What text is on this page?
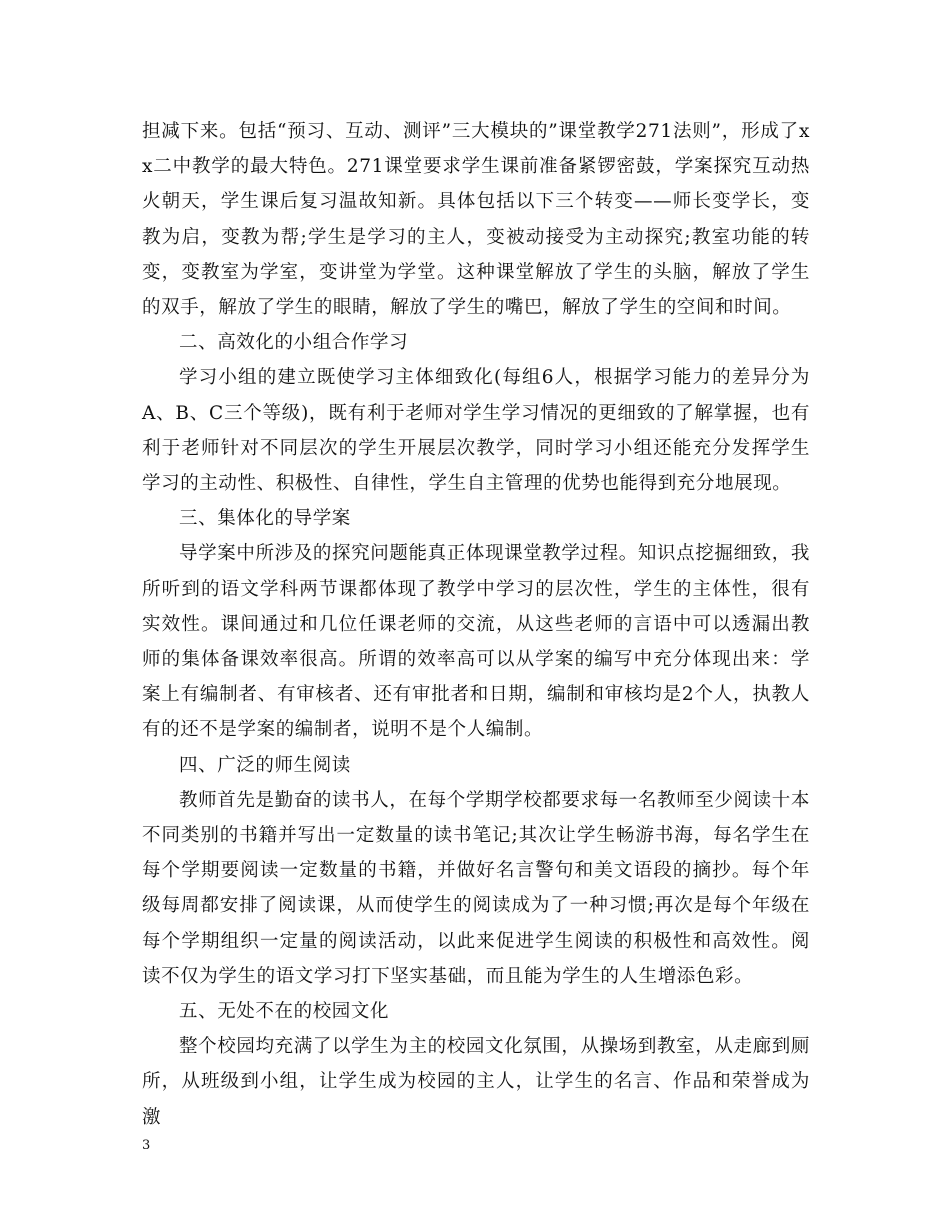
担减下来。包括“预习、互动、测评”三大模块的”课堂教学271法则”，形成了xx二中教学的最大特色。271课堂要求学生课前准备紧锣密鼓，学案探究互动热火朝天，学生课后复习温故知新。具体包括以下三个转变——师长变学长，变教为启，变教为帮;学生是学习的主人，变被动接受为主动探究;教室功能的转变，变教室为学室，变讲堂为学堂。这种课堂解放了学生的头脑，解放了学生的双手，解放了学生的眼睛，解放了学生的嘴巴，解放了学生的空间和时间。

二、高效化的小组合作学习

学习小组的建立既使学习主体细致化(每组6人，根据学习能力的差异分为A、B、C三个等级)，既有利于老师对学生学习情况的更细致的了解掌握，也有利于老师针对不同层次的学生开展层次教学，同时学习小组还能充分发挥学生学习的主动性、积极性、自律性，学生自主管理的优势也能得到充分地展现。

三、集体化的导学案

导学案中所涉及的探究问题能真正体现课堂教学过程。知识点挖掘细致，我所听到的语文学科两节课都体现了教学中学习的层次性，学生的主体性，很有实效性。课间通过和几位任课老师的交流，从这些老师的言语中可以透漏出教师的集体备课效率很高。所谓的效率高可以从学案的编写中充分体现出来：学案上有编制者、有审核者、还有审批者和日期，编制和审核均是2个人，执教人有的还不是学案的编制者，说明不是个人编制。

四、广泛的师生阅读

教师首先是勤奋的读书人，在每个学期学校都要求每一名教师至少阅读十本不同类别的书籍并写出一定数量的读书笔记;其次让学生畅游书海，每名学生在每个学期要阅读一定数量的书籍，并做好名言警句和美文语段的摘抄。每个年级每周都安排了阅读课，从而使学生的阅读成为了一种习惯;再次是每个年级在每个学期组织一定量的阅读活动，以此来促进学生阅读的积极性和高效性。阅读不仅为学生的语文学习打下坚实基础，而且能为学生的人生增添色彩。

五、无处不在的校园文化

整个校园均充满了以学生为主的校园文化氛围，从操场到教室，从走廊到厕所，从班级到小组，让学生成为校园的主人，让学生的名言、作品和荣誉成为激

3
